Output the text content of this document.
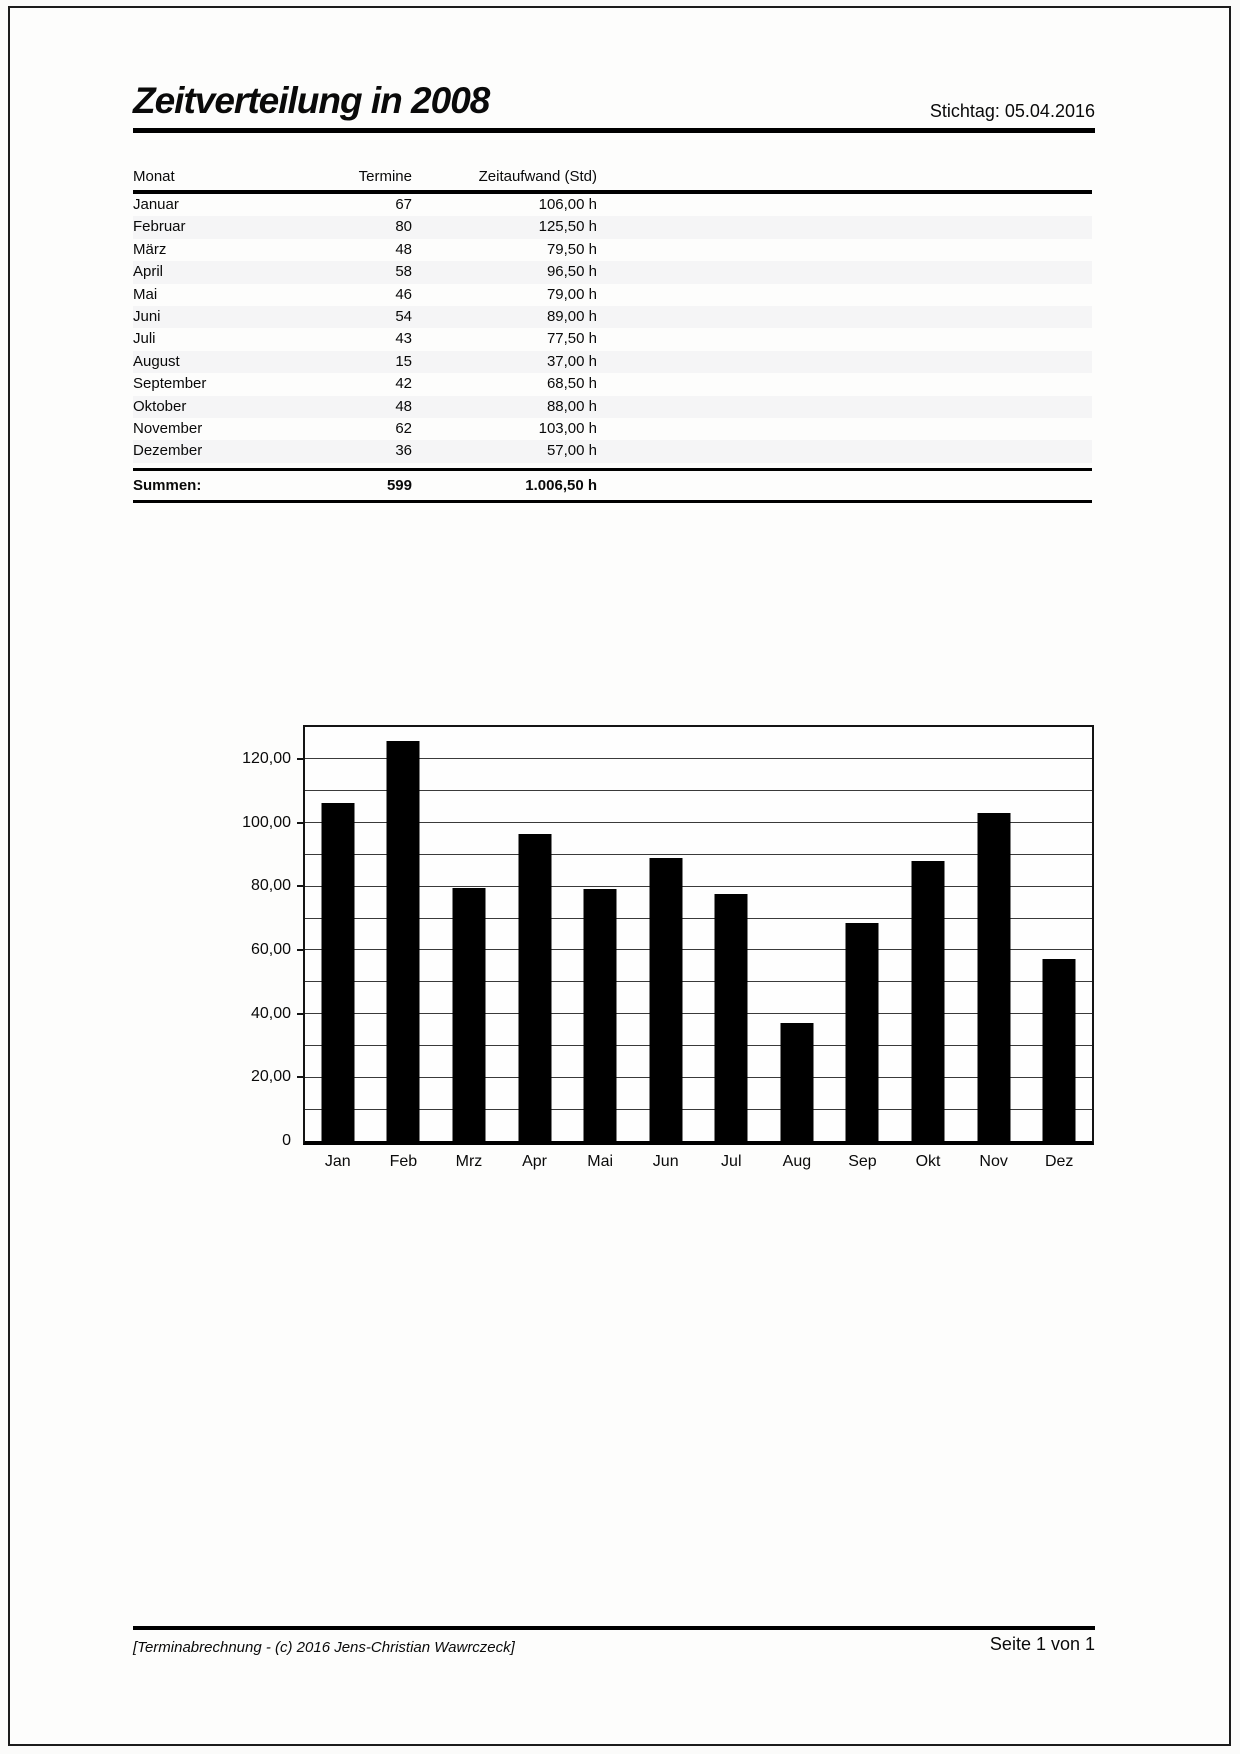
Zeitverteilung in 2008	Stichtag: 05.04.2016
Monat	Termine	Zeitaufwand (Std)
Januar	67	106,00 h
Februar	80	125,50 h
März	48	79,50 h
April	58	96,50 h
Mai	46	79,00 h
Juni	54	89,00 h
Juli	43	77,50 h
August	15	37,00 h
September	42	68,50 h
Oktober	48	88,00 h
November	62	103,00 h
Dezember	36	57,00 h
Summen:	599	1.006,50 h
0
20,00
40,00
60,00
80,00
100,00
120,00
Jan Feb Mrz Apr	Mai Jun	Jul	Aug Sep Okt Nov Dez
[Terminabrechnung - (c) 2016 Jens-Christian Wawrczeck]	Seite 1 von 1
